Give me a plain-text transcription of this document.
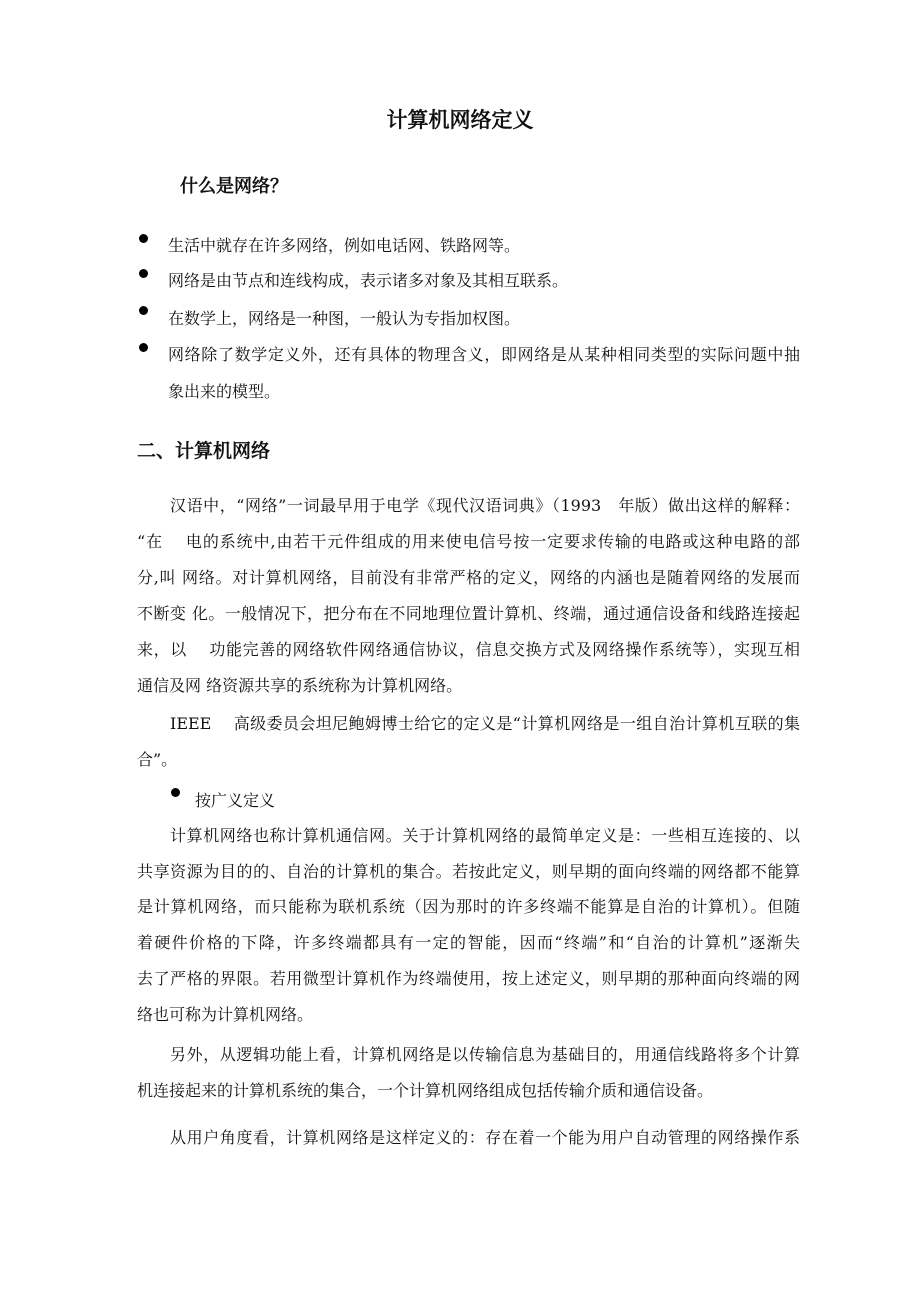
计算机网络定义
什么是网络？
生活中就存在许多网络，例如电话网、铁路网等。
网络是由节点和连线构成，表示诸多对象及其相互联系。
在数学上，网络是一种图，一般认为专指加权图。
网络除了数学定义外，还有具体的物理含义，即网络是从某种相同类型的实际问题中抽
象出来的模型。
二、计算机网络
汉语中，“网络”一词最早用于电学《现代汉语词典》（1993　年版）做出这样的解释：
“在　 电的系统中,由若干元件组成的用来使电信号按一定要求传输的电路或这种电路的部
分,叫 网络。对计算机网络，目前没有非常严格的定义，网络的内涵也是随着网络的发展而
不断变 化。一般情况下，把分布在不同地理位置计算机、终端，通过通信设备和线路连接起
来，以　 功能完善的网络软件网络通信协议，信息交换方式及网络操作系统等），实现互相
通信及网 络资源共享的系统称为计算机网络。
IEEE　 高级委员会坦尼鲍姆博士给它的定义是“计算机网络是一组自治计算机互联的集
合”。
按广义定义
计算机网络也称计算机通信网。关于计算机网络的最简单定义是：一些相互连接的、以
共享资源为目的的、自治的计算机的集合。若按此定义，则早期的面向终端的网络都不能算
是计算机网络，而只能称为联机系统（因为那时的许多终端不能算是自治的计算机）。但随
着硬件价格的下降，许多终端都具有一定的智能，因而“终端”和“自治的计算机”逐渐失
去了严格的界限。若用微型计算机作为终端使用，按上述定义，则早期的那种面向终端的网
络也可称为计算机网络。
另外，从逻辑功能上看，计算机网络是以传输信息为基础目的，用通信线路将多个计算
机连接起来的计算机系统的集合，一个计算机网络组成包括传输介质和通信设备。
从用户角度看，计算机网络是这样定义的：存在着一个能为用户自动管理的网络操作系
